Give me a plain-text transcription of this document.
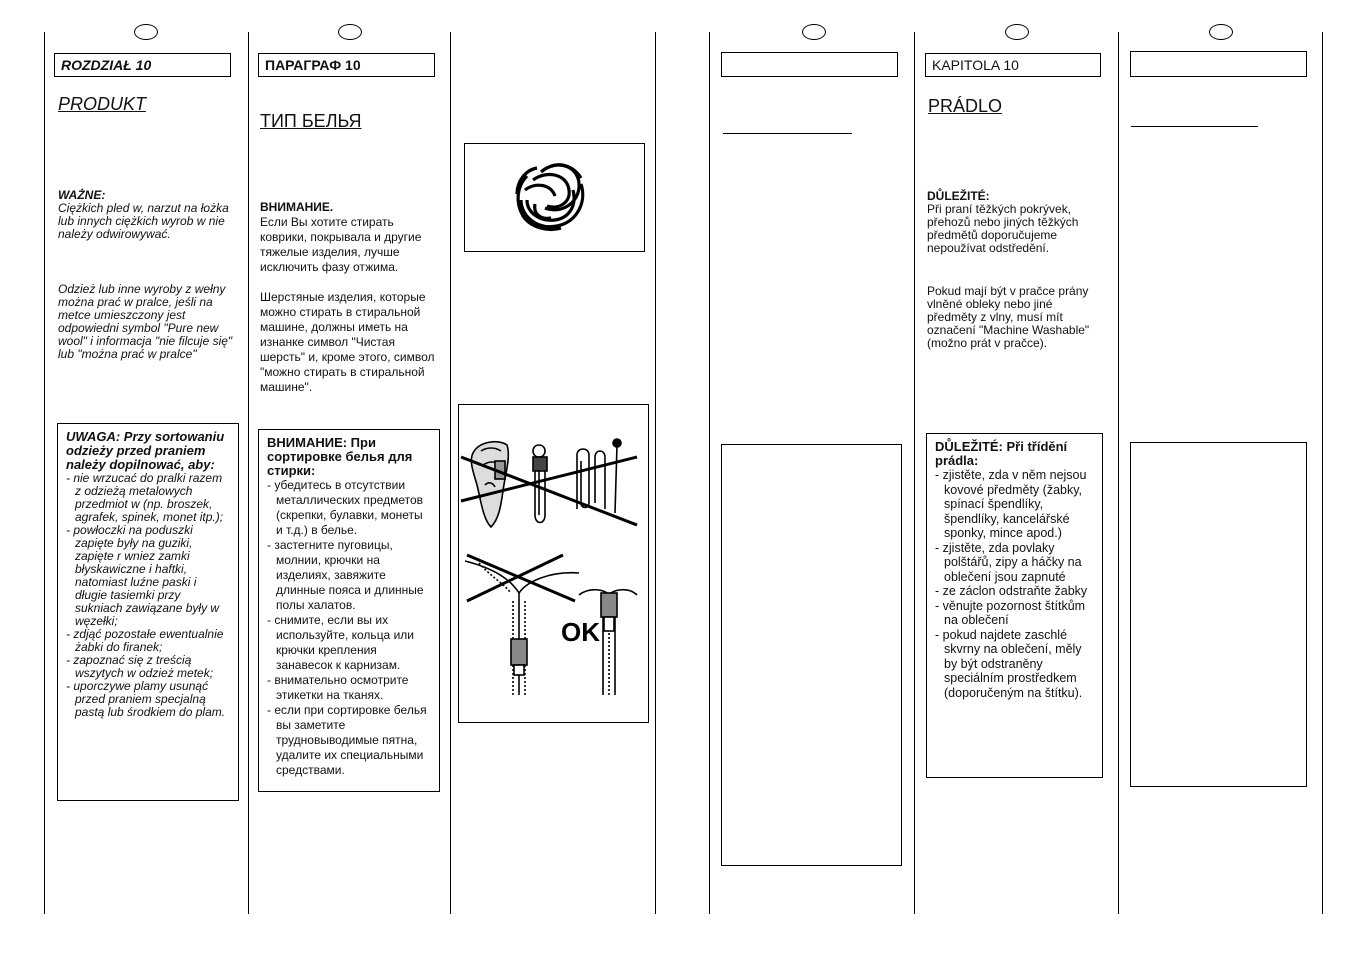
ROZDZIAŁ 10
PRODUKT
WAŻNE:
Ciężkich pled w, narzut na łożka lub innych ciężkich wyrob w nie należy odwirowywać.
Odzież lub inne wyroby z wełny można prać w pralce, jeśli na metce umieszczony jest odpowiedni symbol "Pure new wool" i informacja "nie filcuje się" lub "można prać w pralce"
UWAGA: Przy sortowaniu odzieży przed praniem należy dopilnować, aby:
- nie wrzucać do pralki razem z odzieżą metalowych przedmiot w (np. broszek, agrafek, spinek, monet itp.);
- powłoczki na poduszki zapięte były na guziki, zapięte r wniez zamki błyskawiczne i haftki, natomiast luźne paski i długie tasiemki przy sukniach zawiązane były w węzełki;
- zdjąć pozostałe ewentualnie żabki do firanek;
- zapoznać się z treścią wszytych w odzież metek;
- uporczywe plamy usunąć przed praniem specjalną pastą lub środkiem do plam.
ПАРАГРАФ 10
ТИП БЕЛЬЯ
ВНИМАНИЕ.
Если Вы хотите стирать коврики, покрывала и другие тяжелые изделия, лучше исключить фазу отжима.
Шерстяные изделия, которые можно стирать в стиральной машине, должны иметь на изнанке символ "Чистая шерсть" и, кроме этого, символ "можно стирать в стиральной машине".
ВНИМАНИЕ: При сортировке белья для стирки:
- убедитесь в отсутствии металлических предметов (скрепки, булавки, монеты и т.д.) в белье.
- застегните пуговицы, молнии, крючки на изделиях, завяжите длинные пояса и длинные полы халатов.
- снимите, если вы их используйте, кольца или крючки крепления занавесок к карнизам.
- внимательно осмотрите этикетки на тканях.
- если при сортировке белья вы заметите трудновыводимые пятна, удалите их специальными средствами.
OK
KAPITOLA 10
PRÁDLO
DŮLEŽITÉ:
Při praní těžkých pokrývek, přehozů nebo jiných těžkých předmětů doporučujeme nepoužívat odstředění.
Pokud mají být v pračce prány vlněné obleky nebo jiné předměty z vlny, musí mít označení "Machine Washable" (možno prát v pračce).
DŮLEŽITÉ: Při třídění prádla:
- zjistěte, zda v něm nejsou kovové předměty (žabky, spínací špendlíky, špendlíky, kancelářské sponky, mince apod.)
- zjistěte, zda povlaky polštářů, zipy a háčky na oblečení jsou zapnuté
- ze záclon odstraňte žabky
- věnujte pozornost štítkům na oblečení
- pokud najdete zaschlé skvrny na oblečení, měly by být odstraněny speciálním prostředkem (doporučeným na štítku).
